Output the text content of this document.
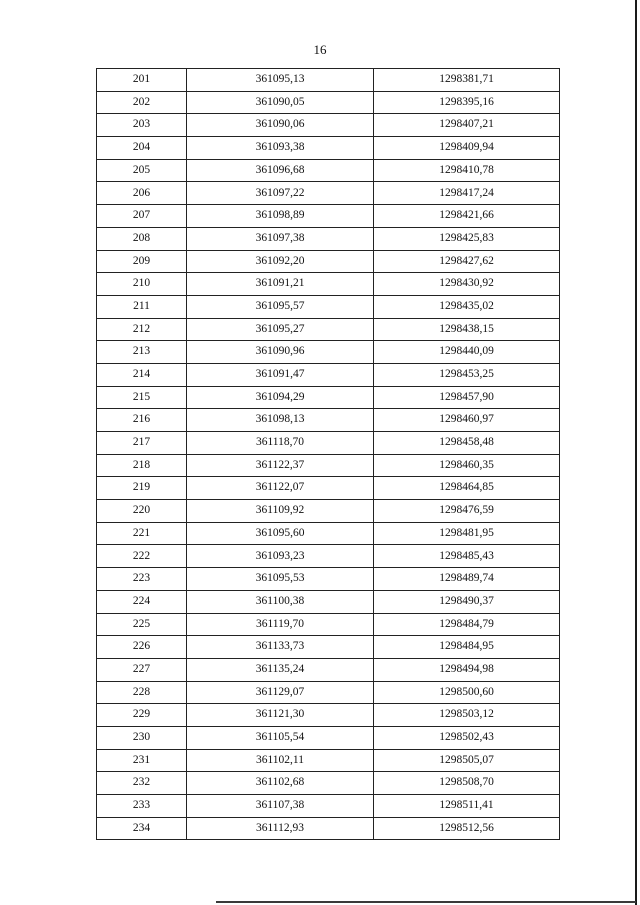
16
201	361095,13	1298381,71
202	361090,05	1298395,16
203	361090,06	1298407,21
204	361093,38	1298409,94
205	361096,68	1298410,78
206	361097,22	1298417,24
207	361098,89	1298421,66
208	361097,38	1298425,83
209	361092,20	1298427,62
210	361091,21	1298430,92
211	361095,57	1298435,02
212	361095,27	1298438,15
213	361090,96	1298440,09
214	361091,47	1298453,25
215	361094,29	1298457,90
216	361098,13	1298460,97
217	361118,70	1298458,48
218	361122,37	1298460,35
219	361122,07	1298464,85
220	361109,92	1298476,59
221	361095,60	1298481,95
222	361093,23	1298485,43
223	361095,53	1298489,74
224	361100,38	1298490,37
225	361119,70	1298484,79
226	361133,73	1298484,95
227	361135,24	1298494,98
228	361129,07	1298500,60
229	361121,30	1298503,12
230	361105,54	1298502,43
231	361102,11	1298505,07
232	361102,68	1298508,70
233	361107,38	1298511,41
234	361112,93	1298512,56
